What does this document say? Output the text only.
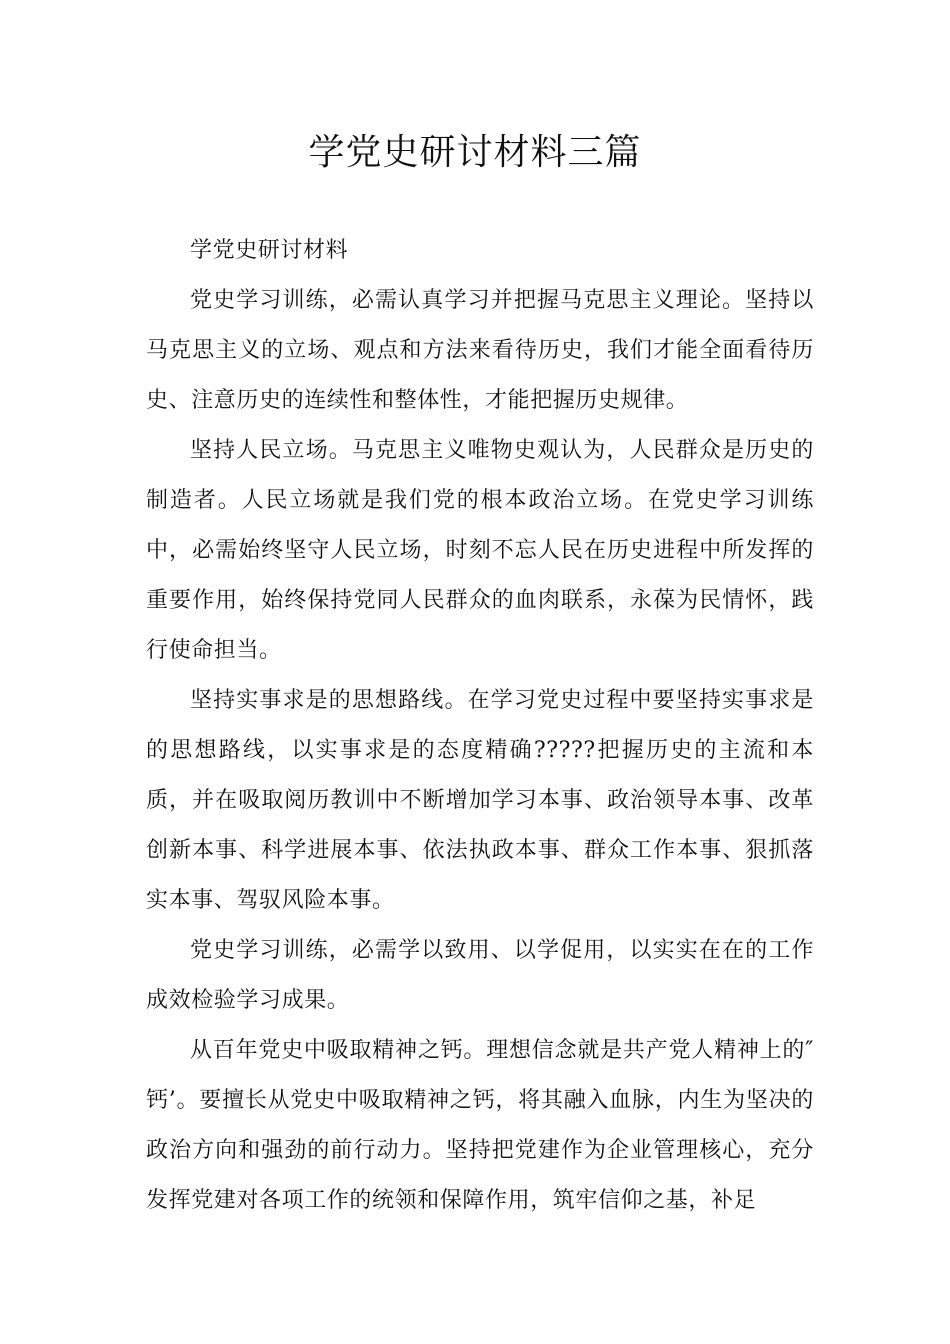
学党史研讨材料三篇

学党史研讨材料

党史学习训练，必需认真学习并把握马克思主义理论。坚持以马克思主义的立场、观点和方法来看待历史，我们才能全面看待历史、注意历史的连续性和整体性，才能把握历史规律。

坚持人民立场。马克思主义唯物史观认为，人民群众是历史的制造者。人民立场就是我们党的根本政治立场。在党史学习训练中，必需始终坚守人民立场，时刻不忘人民在历史进程中所发挥的重要作用，始终保持党同人民群众的血肉联系，永葆为民情怀，践行使命担当。

坚持实事求是的思想路线。在学习党史过程中要坚持实事求是的思想路线，以实事求是的态度精确?????把握历史的主流和本质，并在吸取阅历教训中不断增加学习本事、政治领导本事、改革创新本事、科学进展本事、依法执政本事、群众工作本事、狠抓落实本事、驾驭风险本事。

党史学习训练，必需学以致用、以学促用，以实实在在的工作成效检验学习成果。

从百年党史中吸取精神之钙。理想信念就是共产党人精神上的″钙’。要擅长从党史中吸取精神之钙，将其融入血脉，内生为坚决的政治方向和强劲的前行动力。坚持把党建作为企业管理核心，充分发挥党建对各项工作的统领和保障作用，筑牢信仰之基，补足
